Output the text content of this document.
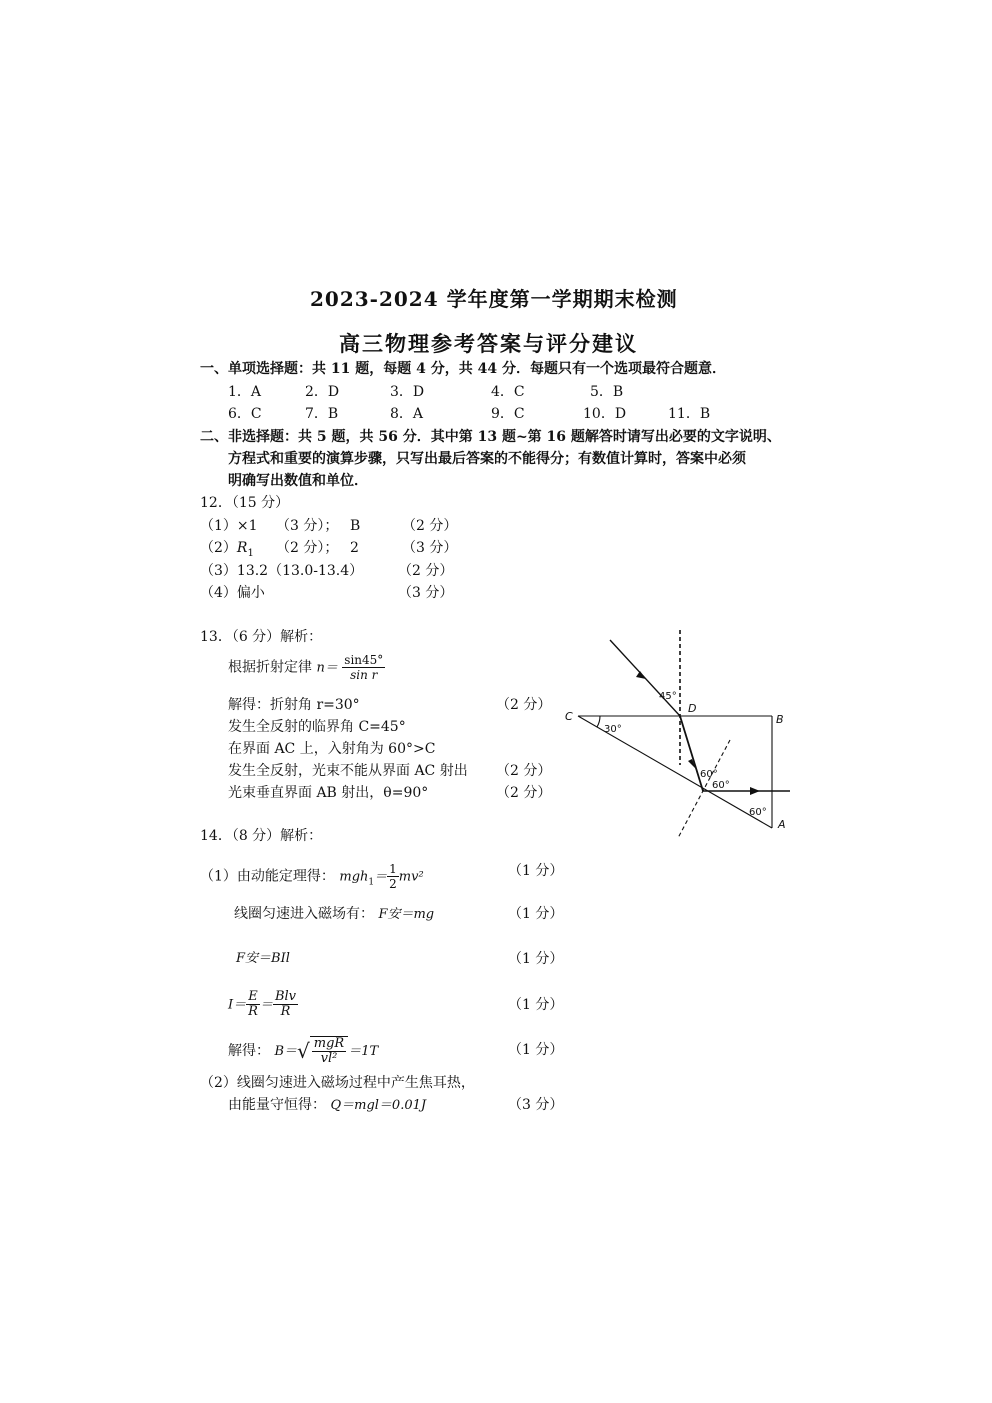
2023-2024 学年度第一学期期末检测
高三物理参考答案与评分建议
一、单项选择题：共 11 题，每题 4 分，共 44 分．每题只有一个选项最符合题意．
1．A	2．D	3．D	4．C	5．B
6．C	7．B	8．A	9．C	10．D	11．B
二、非选择题：共 5 题，共 56 分．其中第 13 题~第 16 题解答时请写出必要的文字说明、
方程式和重要的演算步骤，只写出最后答案的不能得分；有数值计算时，答案中必须
明确写出数值和单位．
12．（15 分）
（1）×1 （3 分）； B	（2 分）
$(2)R_1$ （2 分）； 2	（3 分）
（3）13.2（13.0-13.4） （2 分）
（4）偏小	（3 分）
13．（6 分）解析：
根据折射定律 $n= \frac{\sin 45^\circ}{\text{sin r}}$
解得：折射角 r=30°	（2 分）
发生全反射的临界角 C=45°
在界面 AC 上，入射角为 60°>C
发生全反射，光束不能从界面 AC 射出 （2 分）
光束垂直界面 AB 射出，θ=90°	（2 分）
C
D
B
A
45°
30°
60°
60°
60°
14．（8 分）解析：
（1）由动能定理得： $mgh_1= \frac{1}{2} mv^2$	（1 分）
线圈匀速进入磁场有： F安＝mg	（1 分）
F安＝BIl	（1 分）
$I= \frac{E}{R} = \frac{\text{Blv}}{R}$	（1 分）
解得： $B=√ \frac{\text{mgR}}{\text{vl²}} =1T$	（1 分）
（2）线圈匀速进入磁场过程中产生焦耳热，
由能量守恒得： Q＝mgl＝0.01J	（3 分）
